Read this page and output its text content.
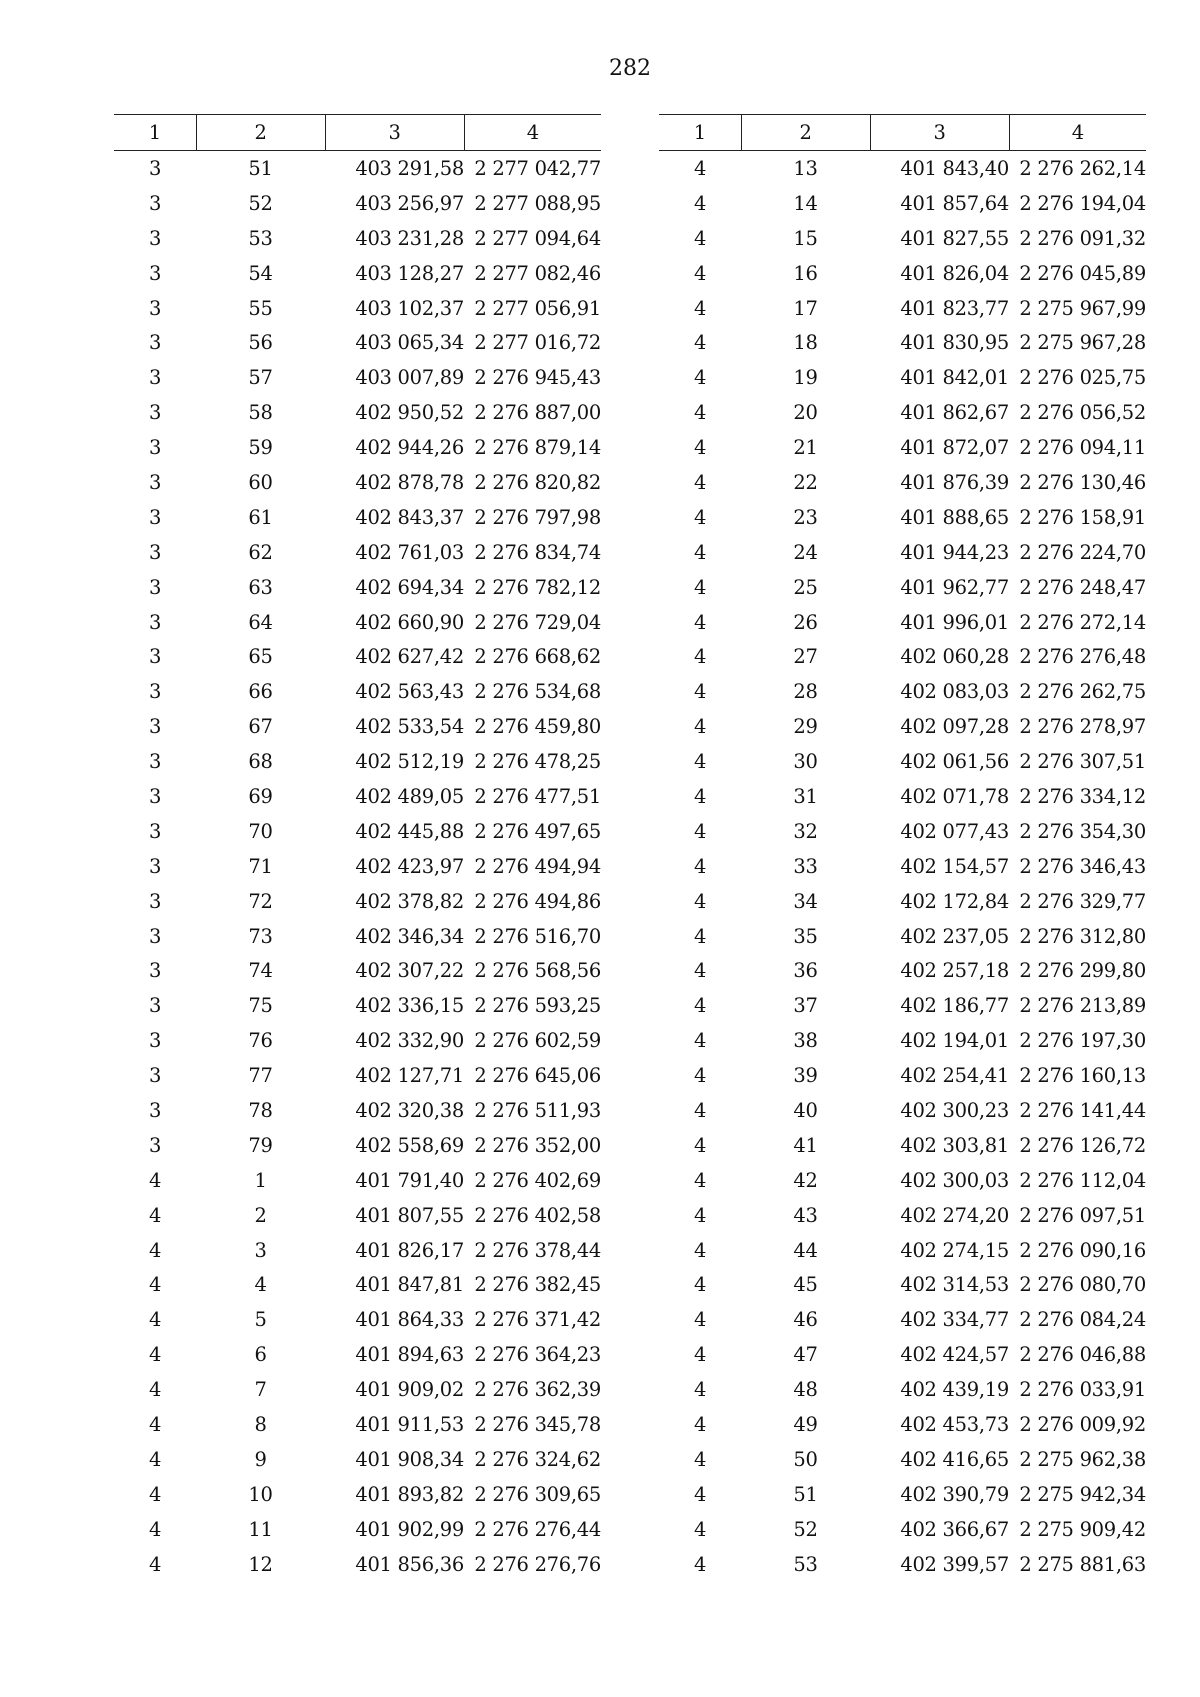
282
1	2	3	4
3	51	403 291,58	2 277 042,77
3	52	403 256,97	2 277 088,95
3	53	403 231,28	2 277 094,64
3	54	403 128,27	2 277 082,46
3	55	403 102,37	2 277 056,91
3	56	403 065,34	2 277 016,72
3	57	403 007,89	2 276 945,43
3	58	402 950,52	2 276 887,00
3	59	402 944,26	2 276 879,14
3	60	402 878,78	2 276 820,82
3	61	402 843,37	2 276 797,98
3	62	402 761,03	2 276 834,74
3	63	402 694,34	2 276 782,12
3	64	402 660,90	2 276 729,04
3	65	402 627,42	2 276 668,62
3	66	402 563,43	2 276 534,68
3	67	402 533,54	2 276 459,80
3	68	402 512,19	2 276 478,25
3	69	402 489,05	2 276 477,51
3	70	402 445,88	2 276 497,65
3	71	402 423,97	2 276 494,94
3	72	402 378,82	2 276 494,86
3	73	402 346,34	2 276 516,70
3	74	402 307,22	2 276 568,56
3	75	402 336,15	2 276 593,25
3	76	402 332,90	2 276 602,59
3	77	402 127,71	2 276 645,06
3	78	402 320,38	2 276 511,93
3	79	402 558,69	2 276 352,00
4	1	401 791,40	2 276 402,69
4	2	401 807,55	2 276 402,58
4	3	401 826,17	2 276 378,44
4	4	401 847,81	2 276 382,45
4	5	401 864,33	2 276 371,42
4	6	401 894,63	2 276 364,23
4	7	401 909,02	2 276 362,39
4	8	401 911,53	2 276 345,78
4	9	401 908,34	2 276 324,62
4	10	401 893,82	2 276 309,65
4	11	401 902,99	2 276 276,44
4	12	401 856,36	2 276 276,76
1	2	3	4
4	13	401 843,40	2 276 262,14
4	14	401 857,64	2 276 194,04
4	15	401 827,55	2 276 091,32
4	16	401 826,04	2 276 045,89
4	17	401 823,77	2 275 967,99
4	18	401 830,95	2 275 967,28
4	19	401 842,01	2 276 025,75
4	20	401 862,67	2 276 056,52
4	21	401 872,07	2 276 094,11
4	22	401 876,39	2 276 130,46
4	23	401 888,65	2 276 158,91
4	24	401 944,23	2 276 224,70
4	25	401 962,77	2 276 248,47
4	26	401 996,01	2 276 272,14
4	27	402 060,28	2 276 276,48
4	28	402 083,03	2 276 262,75
4	29	402 097,28	2 276 278,97
4	30	402 061,56	2 276 307,51
4	31	402 071,78	2 276 334,12
4	32	402 077,43	2 276 354,30
4	33	402 154,57	2 276 346,43
4	34	402 172,84	2 276 329,77
4	35	402 237,05	2 276 312,80
4	36	402 257,18	2 276 299,80
4	37	402 186,77	2 276 213,89
4	38	402 194,01	2 276 197,30
4	39	402 254,41	2 276 160,13
4	40	402 300,23	2 276 141,44
4	41	402 303,81	2 276 126,72
4	42	402 300,03	2 276 112,04
4	43	402 274,20	2 276 097,51
4	44	402 274,15	2 276 090,16
4	45	402 314,53	2 276 080,70
4	46	402 334,77	2 276 084,24
4	47	402 424,57	2 276 046,88
4	48	402 439,19	2 276 033,91
4	49	402 453,73	2 276 009,92
4	50	402 416,65	2 275 962,38
4	51	402 390,79	2 275 942,34
4	52	402 366,67	2 275 909,42
4	53	402 399,57	2 275 881,63
